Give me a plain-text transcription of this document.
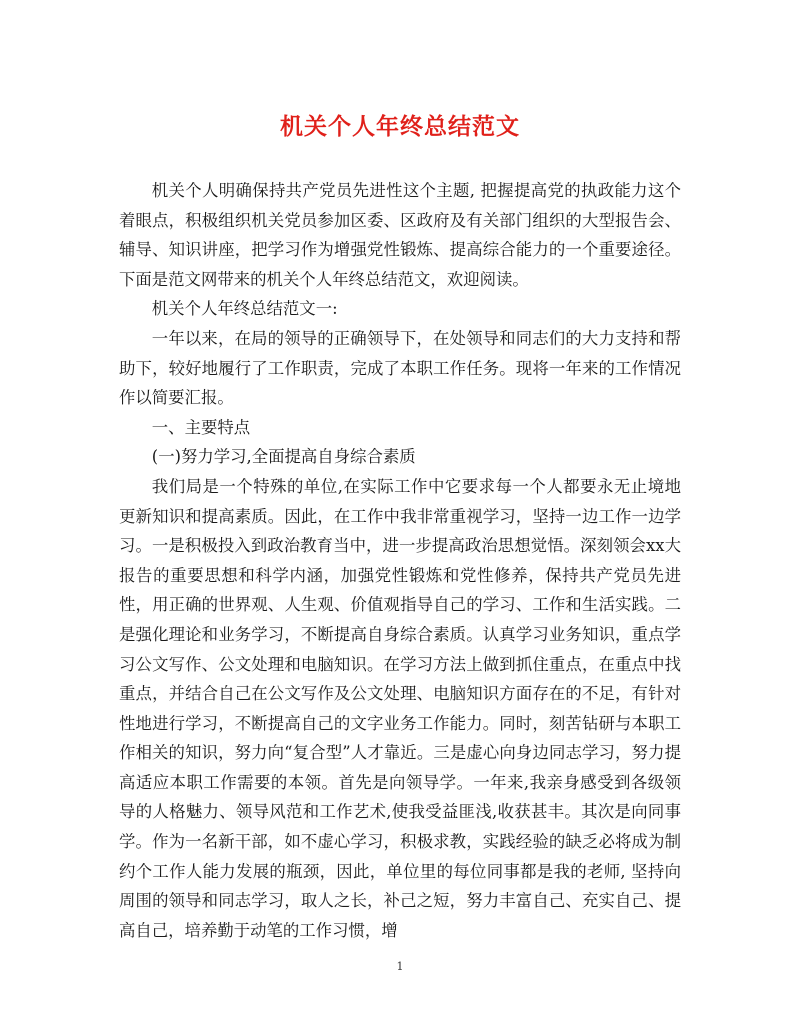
机关个人年终总结范文

机关个人明确保持共产党员先进性这个主题, 把握提高党的执政能力这个着眼点，积极组织机关党员参加区委、区政府及有关部门组织的大型报告会、辅导、知识讲座，把学习作为增强党性锻炼、提高综合能力的一个重要途径。下面是范文网带来的机关个人年终总结范文，欢迎阅读。

机关个人年终总结范文一:

一年以来，在局的领导的正确领导下，在处领导和同志们的大力支持和帮助下，较好地履行了工作职责，完成了本职工作任务。现将一年来的工作情况作以简要汇报。

一、主要特点

(一)努力学习,全面提高自身综合素质

我们局是一个特殊的单位,在实际工作中它要求每一个人都要永无止境地更新知识和提高素质。因此，在工作中我非常重视学习，坚持一边工作一边学习。一是积极投入到政治教育当中，进一步提高政治思想觉悟。深刻领会xx大报告的重要思想和科学内涵，加强党性锻炼和党性修养，保持共产党员先进性，用正确的世界观、人生观、价值观指导自己的学习、工作和生活实践。二是强化理论和业务学习，不断提高自身综合素质。认真学习业务知识，重点学习公文写作、公文处理和电脑知识。在学习方法上做到抓住重点，在重点中找重点，并结合自己在公文写作及公文处理、电脑知识方面存在的不足，有针对性地进行学习，不断提高自己的文字业务工作能力。同时，刻苦钻研与本职工作相关的知识，努力向“复合型”人才靠近。三是虚心向身边同志学习，努力提高适应本职工作需要的本领。首先是向领导学。一年来,我亲身感受到各级领导的人格魅力、领导风范和工作艺术,使我受益匪浅,收获甚丰。其次是向同事学。作为一名新干部，如不虚心学习，积极求教，实践经验的缺乏必将成为制约个工作人能力发展的瓶颈，因此，单位里的每位同事都是我的老师, 坚持向周围的领导和同志学习，取人之长，补己之短，努力丰富自己、充实自己、提高自己，培养勤于动笔的工作习惯，增

1
